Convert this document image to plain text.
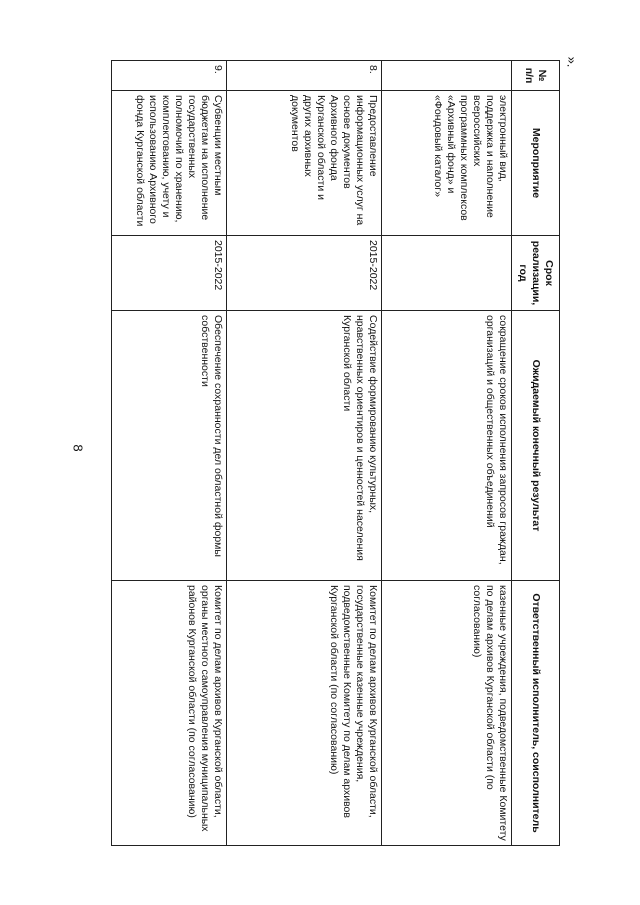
8
».
№ п/п	Мероприятие	Срок реализации, год	Ожидаемый конечный результат	Ответственный исполнитель, соисполнитель
	электронный вид, поддержка и наполнение всероссийских программных комплексов «Архивный фонд» и «Фондовый каталог»		сокращение сроков исполнения запросов граждан, организаций и общественных объединений	казенные учреждения, подведомственные Комитету по делам архивов Курганской области (по согласованию)
8.	Предоставление информационных услуг на основе документов Архивного фонда Курганской области и других архивных документов	2015-2022	Содействие формированию культурных, нравственных ориентиров и ценностей населения Курганской области	Комитет по делам архивов Курганской области, государственные казенные учреждения, подведомственные Комитету по делам архивов Курганской области (по согласованию)
9.	Субвенции местным бюджетам на исполнение государственных полномочий по хранению, комплектованию, учету и использованию Архивного фонда Курганской области	2015-2022	Обеспечение сохранности дел областной формы собственности	Комитет по делам архивов Курганской области, органы местного самоуправления муниципальных районов Курганской области (по согласованию)
